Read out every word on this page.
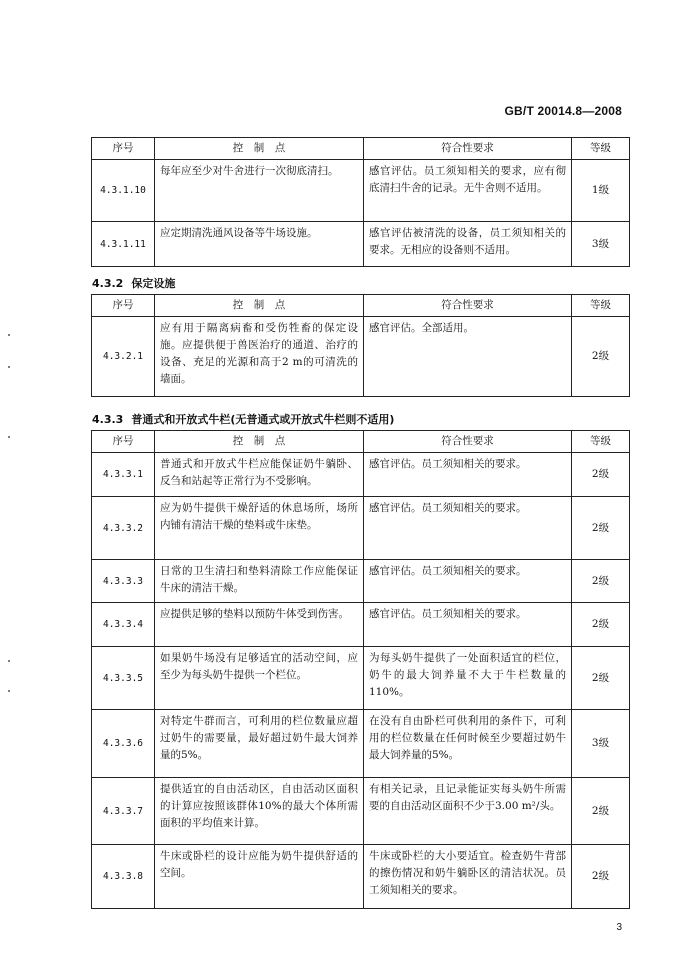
GB/T 20014.8—2008
序号	控　制　点	符合性要求	等级
4.3.1.10	每年应至少对牛舍进行一次彻底清扫。	感官评估。员工须知相关的要求，应有彻底清扫牛舍的记录。无牛舍则不适用。	1级
4.3.1.11	应定期清洗通风设备等牛场设施。	感官评估被清洗的设备，员工须知相关的要求。无相应的设备则不适用。	3级
4.3.2 保定设施
序号	控　制　点	符合性要求	等级
4.3.2.1	应有用于隔离病畜和受伤牲畜的保定设施。应提供便于兽医治疗的通道、治疗的设备、充足的光源和高于2 m的可清洗的墙面。	感官评估。全部适用。	2级
4.3.3 普通式和开放式牛栏(无普通式或开放式牛栏则不适用)
序号	控　制　点	符合性要求	等级
4.3.3.1	普通式和开放式牛栏应能保证奶牛躺卧、反刍和站起等正常行为不受影响。	感官评估。员工须知相关的要求。	2级
4.3.3.2	应为奶牛提供干燥舒适的休息场所，场所内铺有清洁干燥的垫料或牛床垫。	感官评估。员工须知相关的要求。	2级
4.3.3.3	日常的卫生清扫和垫料清除工作应能保证牛床的清洁干燥。	感官评估。员工须知相关的要求。	2级
4.3.3.4	应提供足够的垫料以预防牛体受到伤害。	感官评估。员工须知相关的要求。	2级
4.3.3.5	如果奶牛场没有足够适宜的活动空间，应至少为每头奶牛提供一个栏位。	为每头奶牛提供了一处面积适宜的栏位，奶牛的最大饲养量不大于牛栏数量的110%。	2级
4.3.3.6	对特定牛群而言，可利用的栏位数量应超过奶牛的需要量，最好超过奶牛最大饲养量的5%。	在没有自由卧栏可供利用的条件下，可利用的栏位数量在任何时候至少要超过奶牛最大饲养量的5%。	3级
4.3.3.7	提供适宜的自由活动区，自由活动区面积的计算应按照该群体10%的最大个体所需面积的平均值来计算。	有相关记录，且记录能证实每头奶牛所需要的自由活动区面积不少于3.00 m²/头。	2级
4.3.3.8	牛床或卧栏的设计应能为奶牛提供舒适的空间。	牛床或卧栏的大小要适宜。检查奶牛背部的擦伤情况和奶牛躺卧区的清洁状况。员工须知相关的要求。	2级
3
